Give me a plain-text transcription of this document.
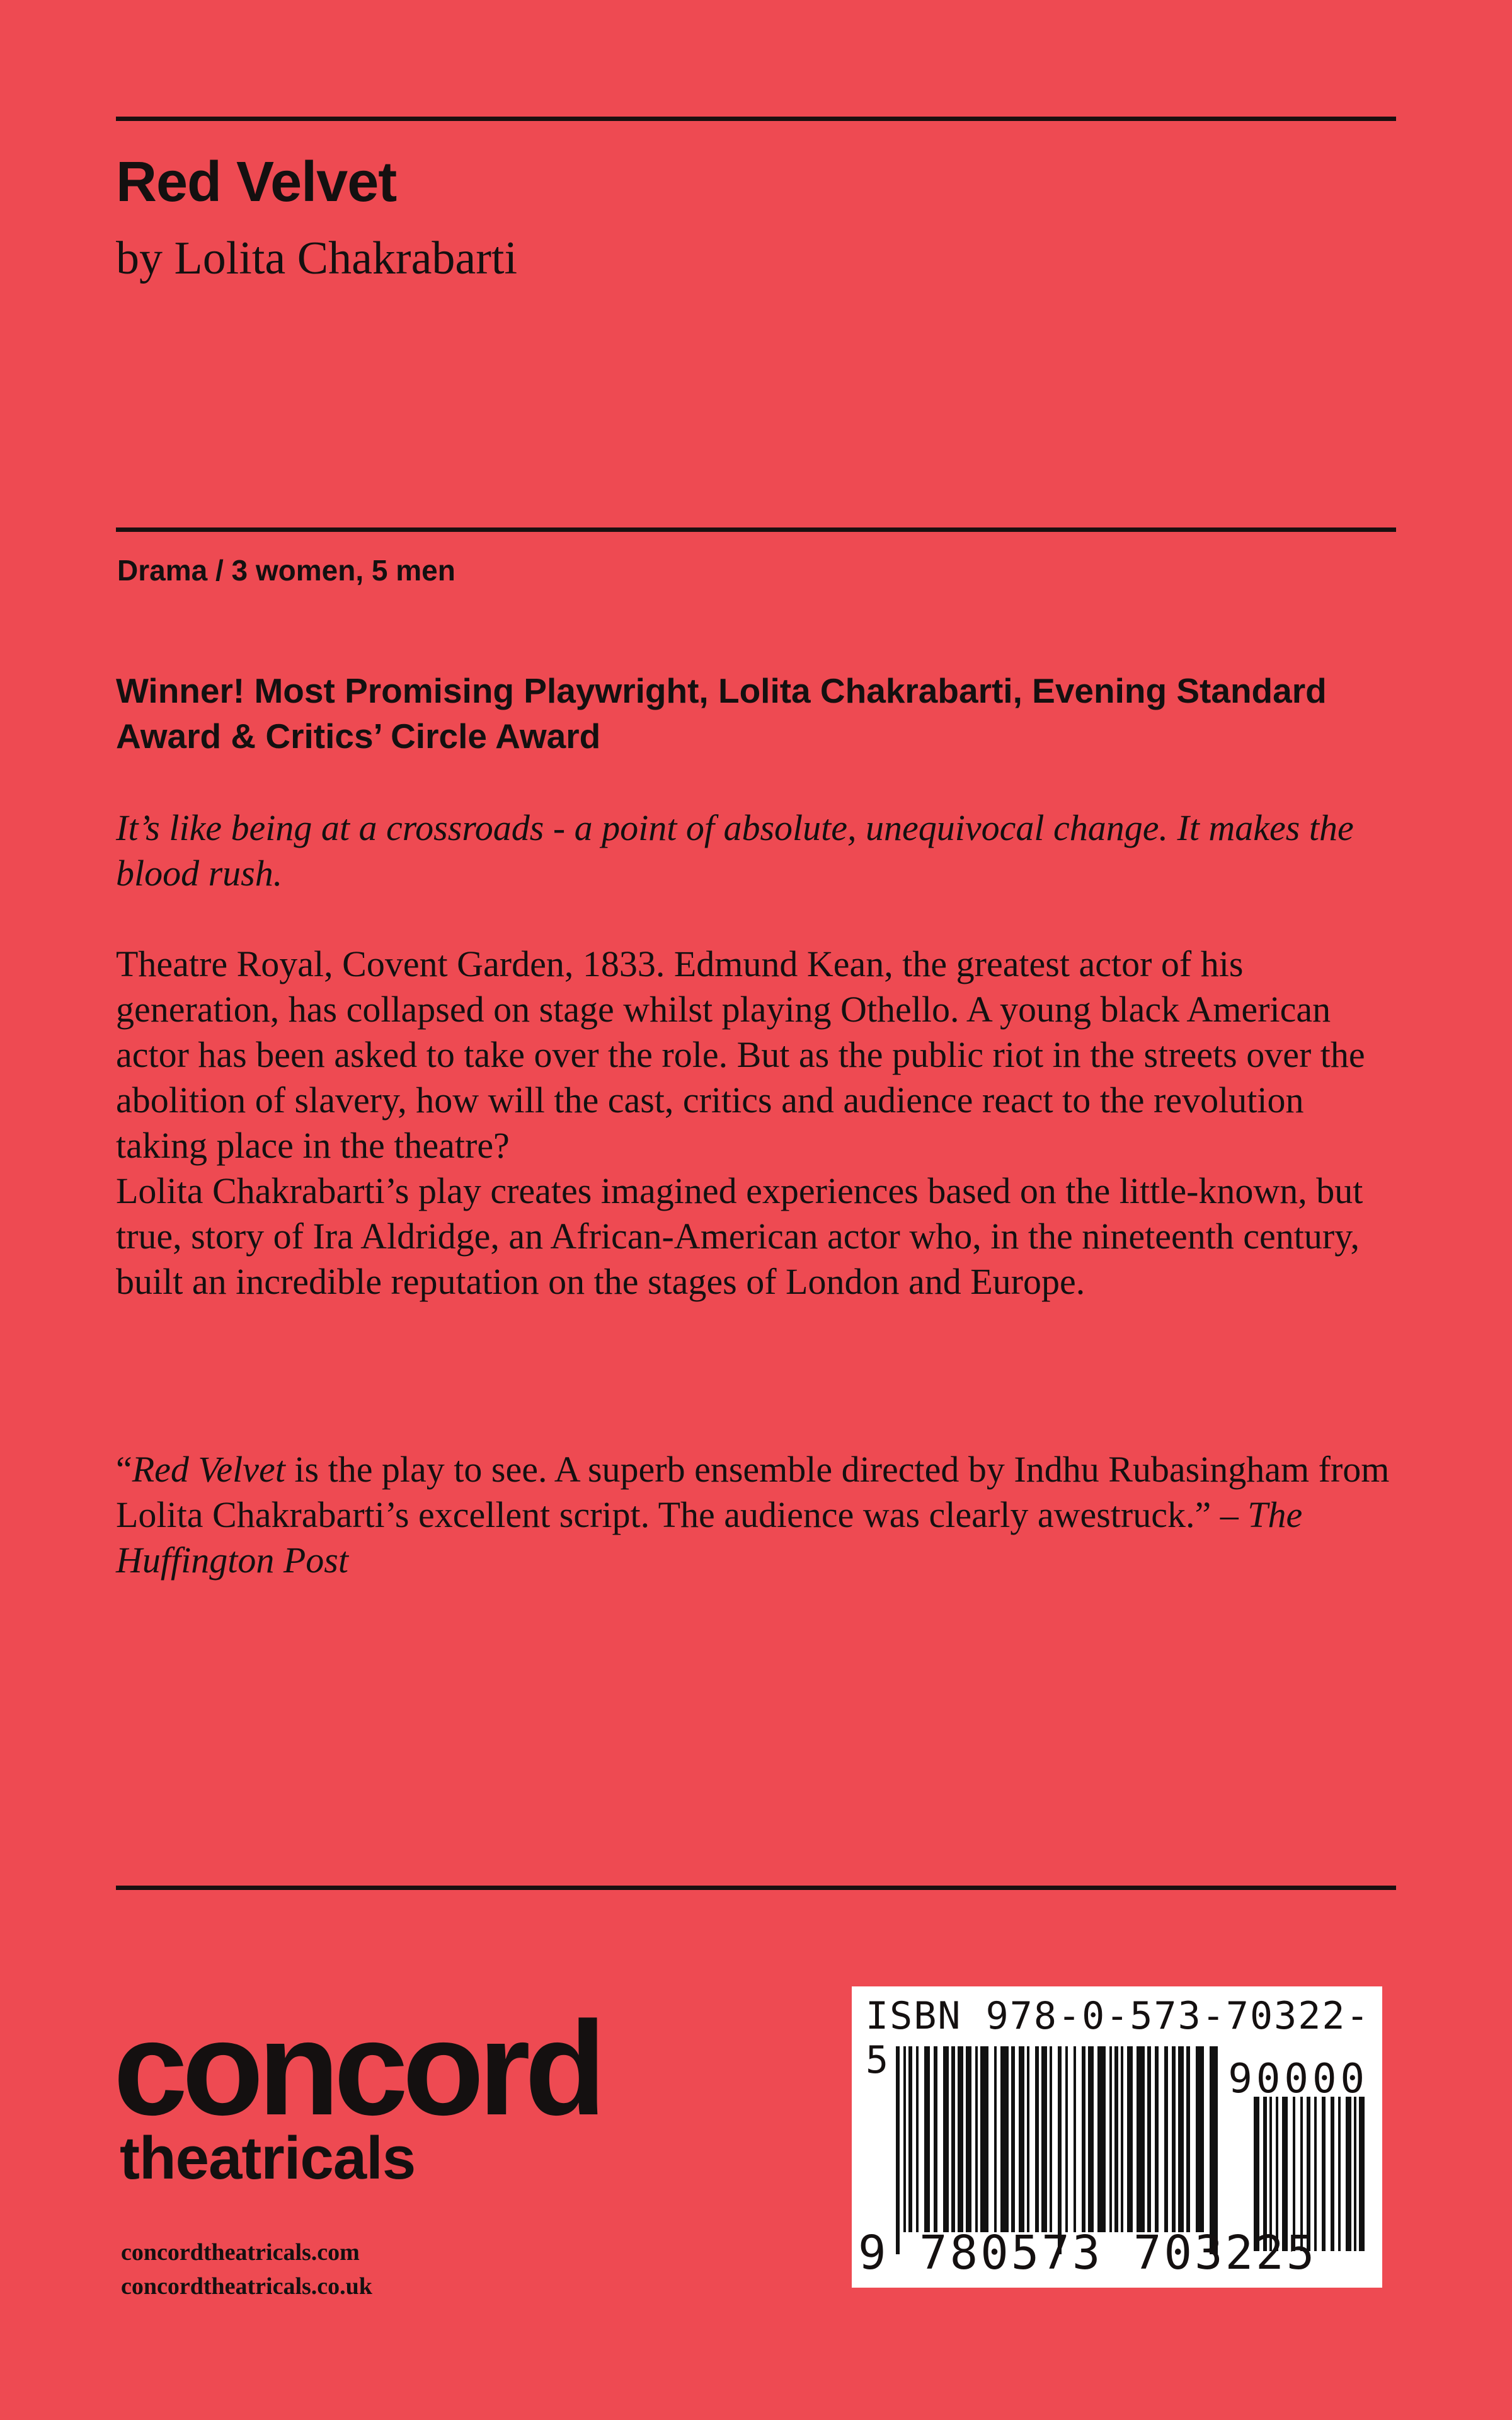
Red Velvet
by Lolita Chakrabarti
Drama / 3 women, 5 men
Winner! Most Promising Playwright, Lolita Chakrabarti, Evening Standard Award & Critics’ Circle Award
It’s like being at a crossroads - a point of absolute, unequivocal change. It makes the blood rush.
Theatre Royal, Covent Garden, 1833. Edmund Kean, the greatest actor of his generation, has collapsed on stage whilst playing Othello. A young black American actor has been asked to take over the role. But as the public riot in the streets over the abolition of slavery, how will the cast, critics and audience react to the revolution taking place in the theatre?
Lolita Chakrabarti’s play creates imagined experiences based on the little-known, but true, story of Ira Aldridge, an African-American actor who, in the nineteenth century, built an incredible reputation on the stages of London and Europe.
“Red Velvet is the play to see. A superb ensemble directed by Indhu Rubasingham from Lolita Chakrabarti’s excellent script. The audience was clearly awestruck.” – The Huffington Post
concord
theatricals
concordtheatricals.com
concordtheatricals.co.uk
ISBN 978-0-573-70322-5	90000
9 780573 703225
